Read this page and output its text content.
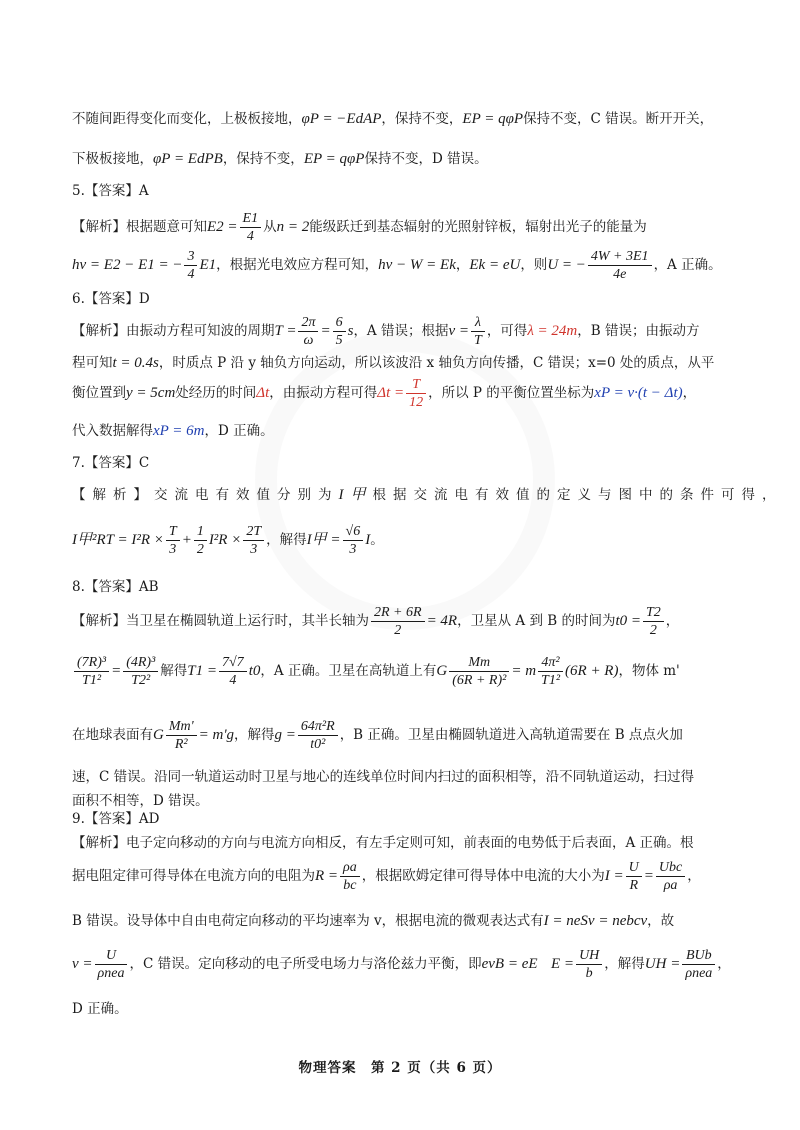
不随间距得变化而变化，上极板接地，φP = −EdAP，保持不变，EP = qφP保持不变，C 错误。断开开关，
下极板接地，φP = EdPB，保持不变，EP = qφP保持不变，D 错误。
5.【答案】A
【解析】根据题意可知$E2 = \frac{E1}{4}$ 从n = 2能级跃迁到基态辐射的光照射锌板，辐射出光子的能量为
hν = E2 − E1 = − $\frac{3}{4} E1$，根据光电效应方程可知，hν − W = Ek，Ek = eU，则U = − $\frac{4W + 3E1}{4e}$ ，A 正确。
6.【答案】D
【解析】由振动方程可知波的周期$T = \frac{2\pi}{\omega} = \frac{6}{5}$ s，A 错误；根据$v = \frac{\lambda}{T}$ ，可得λ = 24m，B 错误；由振动方
程可知t = 0.4s，时质点 P 沿 y 轴负方向运动，所以该波沿 x 轴负方向传播，C 错误；x=0 处的质点，从平
衡位置到y = 5cm处经历的时间Δt，由振动方程可得$\Delta t = \frac{T}{12}$ ，所以 P 的平衡位置坐标为xP = v·(t − Δt)，
代入数据解得xP = 6m，D 正确。
7.【答案】C
【解析】交流电有效值分别为I甲根据交流电有效值的定义与图中的条件可得，
I甲$^2RT = I^2R \times \frac{T}{3} + \frac{1}{2} I^2R \times \frac{2T}{3}$ ，解得I甲 = $\frac{√6}{3}$ I。
8.【答案】AB
【解析】当卫星在椭圆轨道上运行时，其半长轴为 $\frac{2R + 6R}{2} = 4R$，卫星从 A 到 B 的时间为$t0 = \frac{T2}{2}$ ，
$\frac{\text{(7R)³}}{\text{T1²}} = \frac{\text{(4R)³}}{\text{T2²}}$ 解得$T1 = \frac{7√7}{4} t0$，A 正确。卫星在高轨道上有G $\frac{Mm}{\text{(6R + R)²}} = m \frac{\text{4π²}}{\text{T1²}} (6R + R)$，物体 m'
在地球表面有G $\frac{Mm'}{\text{R²}} = m'g$，解得$g = \frac{\text{64π²R}}{\text{t0²}}$ ，B 正确。卫星由椭圆轨道进入高轨道需要在 B 点点火加
速，C 错误。沿同一轨道运动时卫星与地心的连线单位时间内扫过的面积相等，沿不同轨道运动，扫过得
面积不相等，D 错误。
9.【答案】AD
【解析】电子定向移动的方向与电流方向相反，有左手定则可知，前表面的电势低于后表面，A 正确。根
据电阻定律可得导体在电流方向的电阻为$R = \frac{\rho a}{bc}$ ，根据欧姆定律可得导体中电流的大小为$I = \frac{U}{R} = \frac{\text{Ubc}}{\rho a}$ ，
B 错误。设导体中自由电荷定向移动的平均速率为 v，根据电流的微观表达式有I = neSv = nebcv，故
$v = \frac{U}{\text{ρnea}}$ ，C 错误。定向移动的电子所受电场力与洛伦兹力平衡，即evB = eE  $E = \frac{UH}{b}$ ，解得UH = $\frac{\text{BUb}}{\text{ρnea}}$ ，
D 正确。
物理答案　第 2 页（共 6 页）
